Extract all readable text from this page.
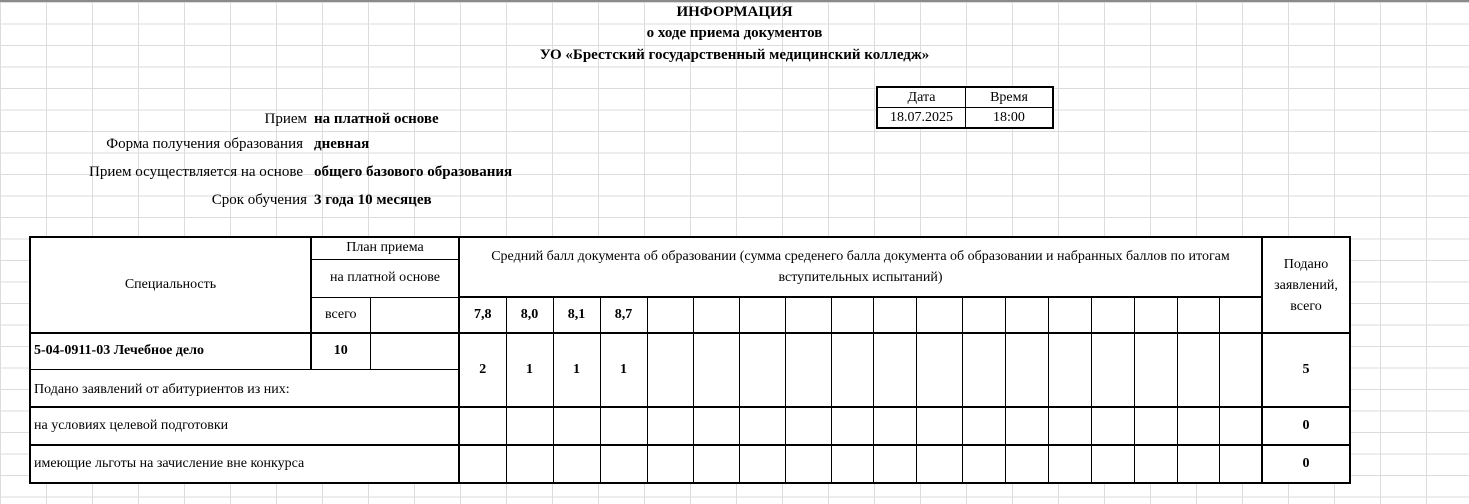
ИНФОРМАЦИЯ
о ходе приема документов
УО «Брестский государственный медицинский колледж»
Дата	Время
18.07.2025	18:00
Прием на платной основе
Форма получения образования дневная
Прием осуществляется на основе общего базового образования
Срок обучения 3 года 10 месяцев
Специальность	План приема		Средний балл документа об образовании (сумма среденего балла документа об образовании и набранных баллов по итогам вступительных испытаний)																		Подано заявлений, всего
	на платной основе																				
	всего		7,8	8,0	8,1	8,7															
5-04-0911-03 Лечебное дело	10		2	1	1	1															5
Подано заявлений от абитуриентов из них:																					
на условиях целевой подготовки																					0
имеющие льготы на зачисление вне конкурса																					0
